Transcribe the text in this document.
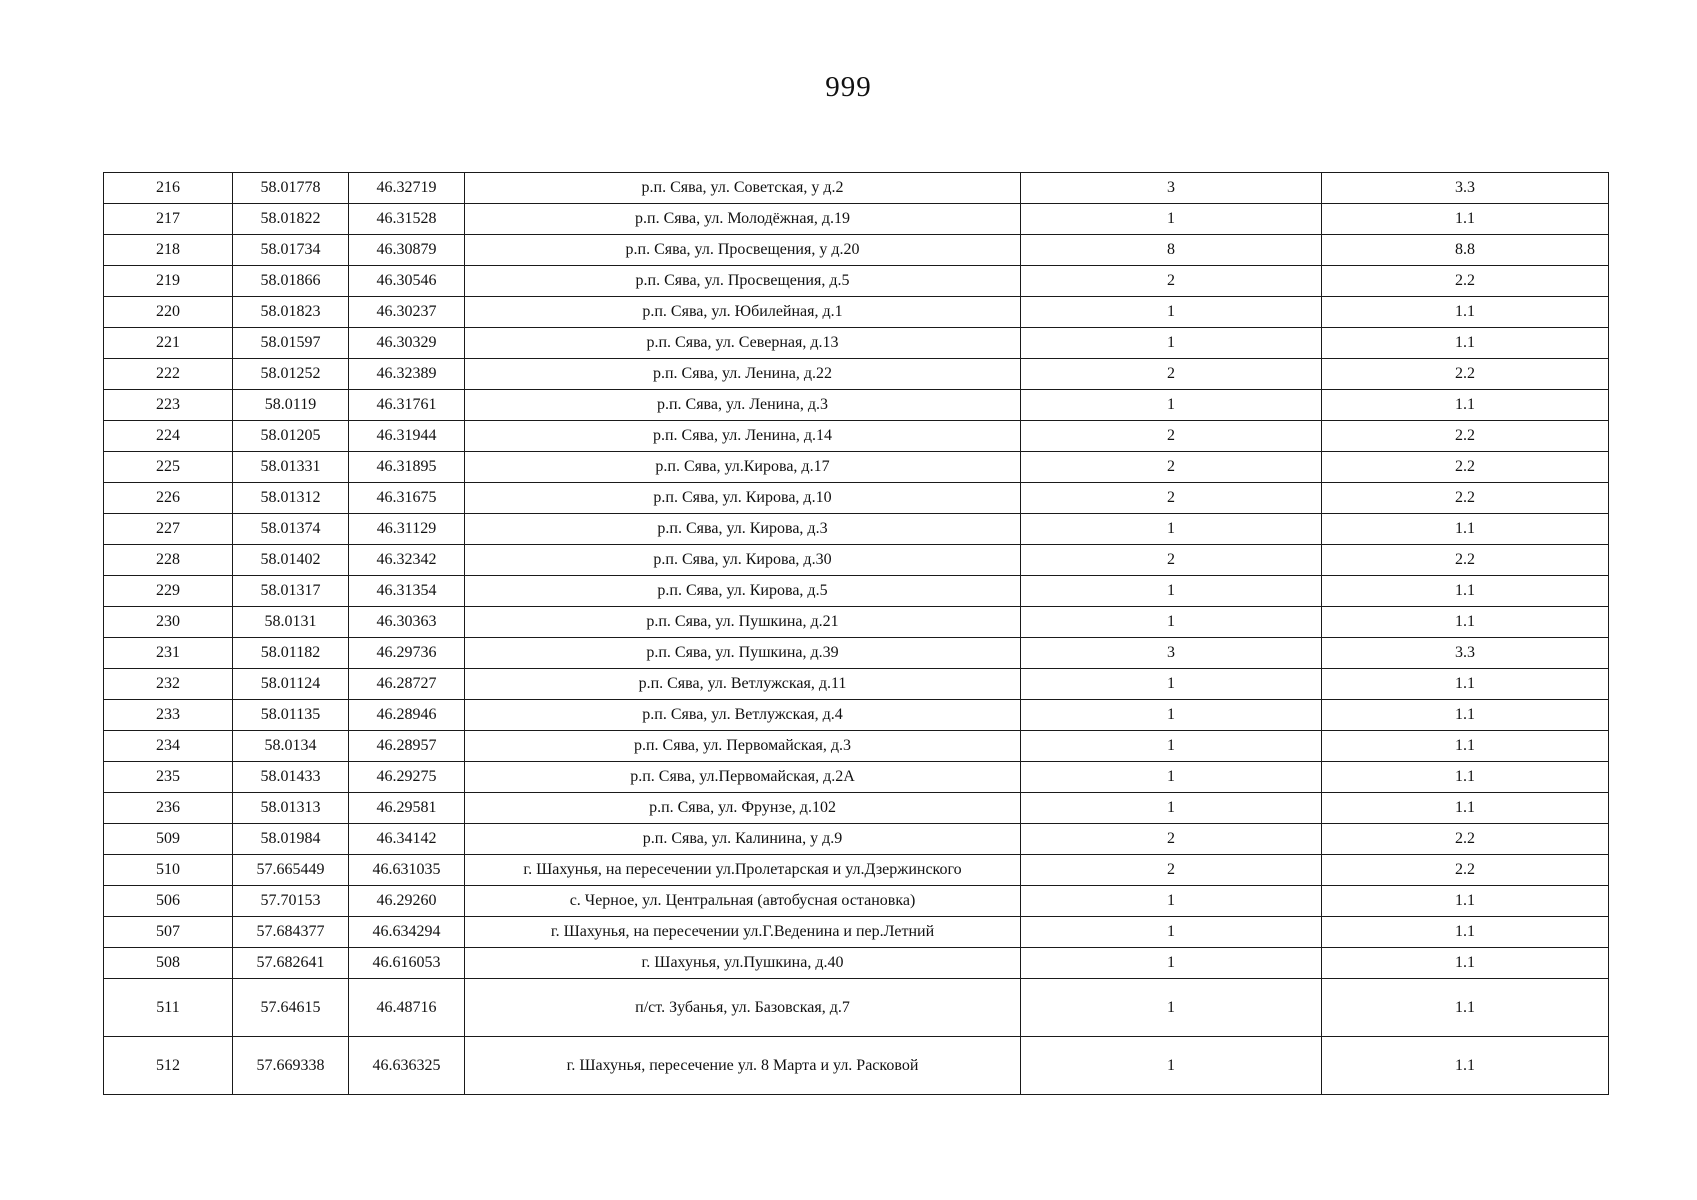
999
216	58.01778	46.32719	р.п. Сява, ул. Советская, у д.2	3	3.3
217	58.01822	46.31528	р.п. Сява, ул. Молодёжная, д.19	1	1.1
218	58.01734	46.30879	р.п. Сява, ул. Просвещения, у д.20	8	8.8
219	58.01866	46.30546	р.п. Сява, ул. Просвещения, д.5	2	2.2
220	58.01823	46.30237	р.п. Сява, ул. Юбилейная, д.1	1	1.1
221	58.01597	46.30329	р.п. Сява, ул. Северная, д.13	1	1.1
222	58.01252	46.32389	р.п. Сява, ул. Ленина, д.22	2	2.2
223	58.0119	46.31761	р.п. Сява, ул. Ленина, д.3	1	1.1
224	58.01205	46.31944	р.п. Сява, ул. Ленина, д.14	2	2.2
225	58.01331	46.31895	р.п. Сява, ул.Кирова, д.17	2	2.2
226	58.01312	46.31675	р.п. Сява, ул. Кирова, д.10	2	2.2
227	58.01374	46.31129	р.п. Сява, ул. Кирова, д.3	1	1.1
228	58.01402	46.32342	р.п. Сява, ул. Кирова, д.30	2	2.2
229	58.01317	46.31354	р.п. Сява, ул. Кирова, д.5	1	1.1
230	58.0131	46.30363	р.п. Сява, ул. Пушкина, д.21	1	1.1
231	58.01182	46.29736	р.п. Сява, ул. Пушкина, д.39	3	3.3
232	58.01124	46.28727	р.п. Сява, ул. Ветлужская, д.11	1	1.1
233	58.01135	46.28946	р.п. Сява, ул. Ветлужская, д.4	1	1.1
234	58.0134	46.28957	р.п. Сява, ул. Первомайская, д.3	1	1.1
235	58.01433	46.29275	р.п. Сява, ул.Первомайская, д.2А	1	1.1
236	58.01313	46.29581	р.п. Сява, ул. Фрунзе, д.102	1	1.1
509	58.01984	46.34142	р.п. Сява, ул. Калинина, у д.9	2	2.2
510	57.665449	46.631035	г. Шахунья, на пересечении ул.Пролетарская и ул.Дзержинского	2	2.2
506	57.70153	46.29260	с. Черное, ул. Центральная (автобусная остановка)	1	1.1
507	57.684377	46.634294	г. Шахунья, на пересечении ул.Г.Веденина и пер.Летний	1	1.1
508	57.682641	46.616053	г. Шахунья, ул.Пушкина, д.40	1	1.1
511	57.64615	46.48716	п/ст. Зубанья, ул. Базовская, д.7	1	1.1
512	57.669338	46.636325	г. Шахунья, пересечение ул. 8 Марта и ул. Расковой	1	1.1
